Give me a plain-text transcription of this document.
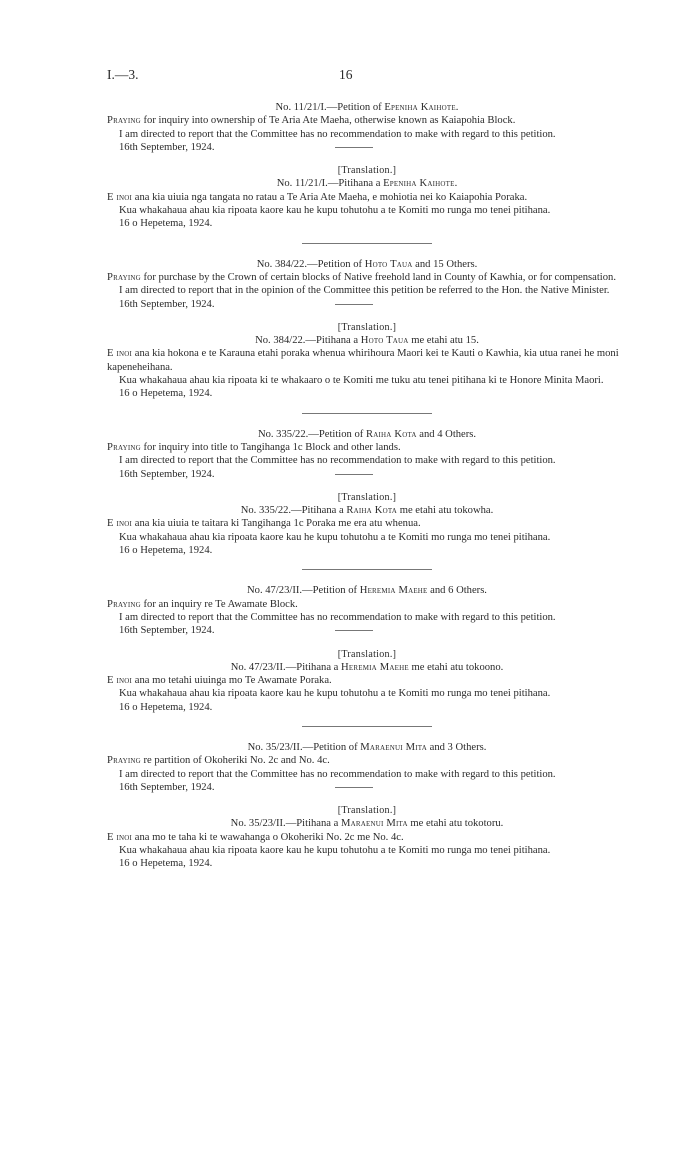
I.—3.	16

No. 11/21/I.—Petition of Epeniha Kaihote.

Praying for inquiry into ownership of Te Aria Ate Maeha, otherwise known as Kaiapohia Block.

I am directed to report that the Committee has no recommendation to make with regard to this petition.

16th September, 1924.

[Translation.]

No. 11/21/I.—Pitihana a Epeniha Kaihote.

E inoi ana kia uiuia nga tangata no ratau a Te Aria Ate Maeha, e mohiotia nei ko Kaiapohia Poraka.

Kua whakahaua ahau kia ripoata kaore kau he kupu tohutohu a te Komiti mo runga mo tenei pitihana.

16 o Hepetema, 1924.

No. 384/22.—Petition of Hoto Taua and 15 Others.

Praying for purchase by the Crown of certain blocks of Native freehold land in County of Kawhia, or for compensation.

I am directed to report that in the opinion of the Committee this petition be referred to the Hon. the Native Minister.

16th September, 1924.

[Translation.]

No. 384/22.—Pitihana a Hoto Taua me etahi atu 15.

E inoi ana kia hokona e te Karauna etahi poraka whenua whirihoura Maori kei te Kauti o Kawhia, kia utua ranei he moni kapeneheihana.

Kua whakahaua ahau kia ripoata ki te whakaaro o te Komiti me tuku atu tenei pitihana ki te Honore Minita Maori.

16 o Hepetema, 1924.

No. 335/22.—Petition of Raiha Kota and 4 Others.

Praying for inquiry into title to Tangihanga 1c Block and other lands.

I am directed to report that the Committee has no recommendation to make with regard to this petition.

16th September, 1924.

[Translation.]

No. 335/22.—Pitihana a Raiha Kota me etahi atu tokowha.

E inoi ana kia uiuia te taitara ki Tangihanga 1c Poraka me era atu whenua.

Kua whakahaua ahau kia ripoata kaore kau he kupu tohutohu a te Komiti mo runga mo tenei pitihana.

16 o Hepetema, 1924.

No. 47/23/II.—Petition of Heremia Maehe and 6 Others.

Praying for an inquiry re Te Awamate Block.

I am directed to report that the Committee has no recommendation to make with regard to this petition.

16th September, 1924.

[Translation.]

No. 47/23/II.—Pitihana a Heremia Maehe me etahi atu tokoono.

E inoi ana mo tetahi uiuinga mo Te Awamate Poraka.

Kua whakahaua ahau kia ripoata kaore kau he kupu tohutohu a te Komiti mo runga mo tenei pitihana.

16 o Hepetema, 1924.

No. 35/23/II.—Petition of Maraenui Mita and 3 Others.

Praying re partition of Okoheriki No. 2c and No. 4c.

I am directed to report that the Committee has no recommendation to make with regard to this petition.

16th September, 1924.

[Translation.]

No. 35/23/II.—Pitihana a Maraenui Mita me etahi atu tokotoru.

E inoi ana mo te taha ki te wawahanga o Okoheriki No. 2c me No. 4c.

Kua whakahaua ahau kia ripoata kaore kau he kupu tohutohu a te Komiti mo runga mo tenei pitihana.

16 o Hepetema, 1924.
